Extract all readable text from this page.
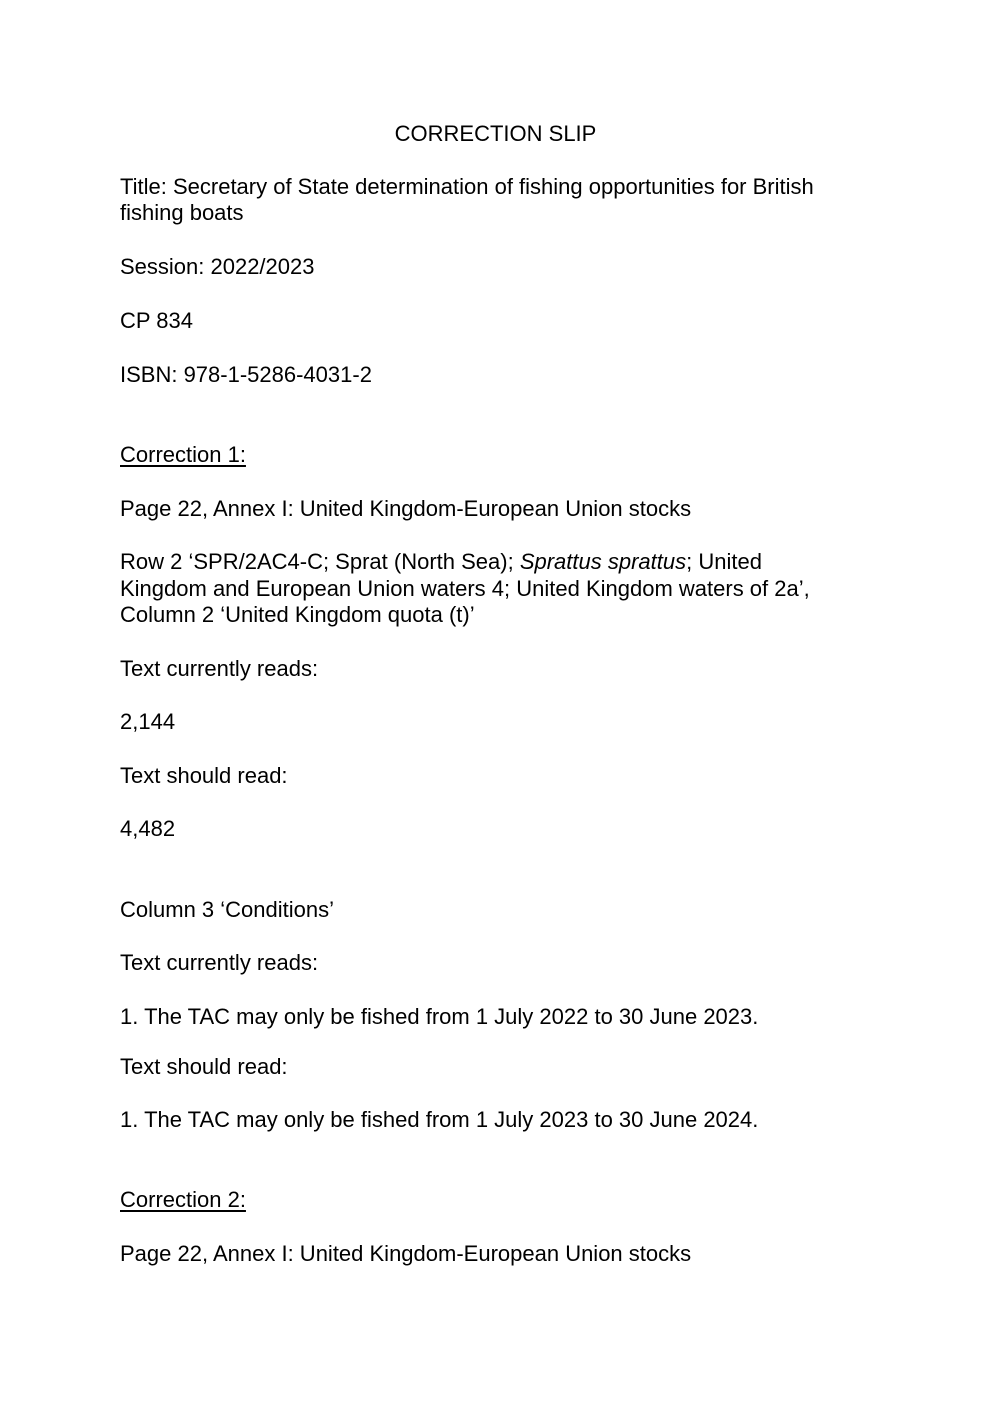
CORRECTION SLIP
Title: Secretary of State determination of fishing opportunities for British
fishing boats
Session: 2022/2023
CP 834
ISBN: 978-1-5286-4031-2
Correction 1:
Page 22, Annex I: United Kingdom-European Union stocks
Row 2 ‘SPR/2AC4-C; Sprat (North Sea); Sprattus sprattus; United
Kingdom and European Union waters 4; United Kingdom waters of 2a’,
Column 2 ‘United Kingdom quota (t)’
Text currently reads:
2,144
Text should read:
4,482
Column 3 ‘Conditions’
Text currently reads:
1. The TAC may only be fished from 1 July 2022 to 30 June 2023.
Text should read:
1. The TAC may only be fished from 1 July 2023 to 30 June 2024.
Correction 2:
Page 22, Annex I: United Kingdom-European Union stocks
